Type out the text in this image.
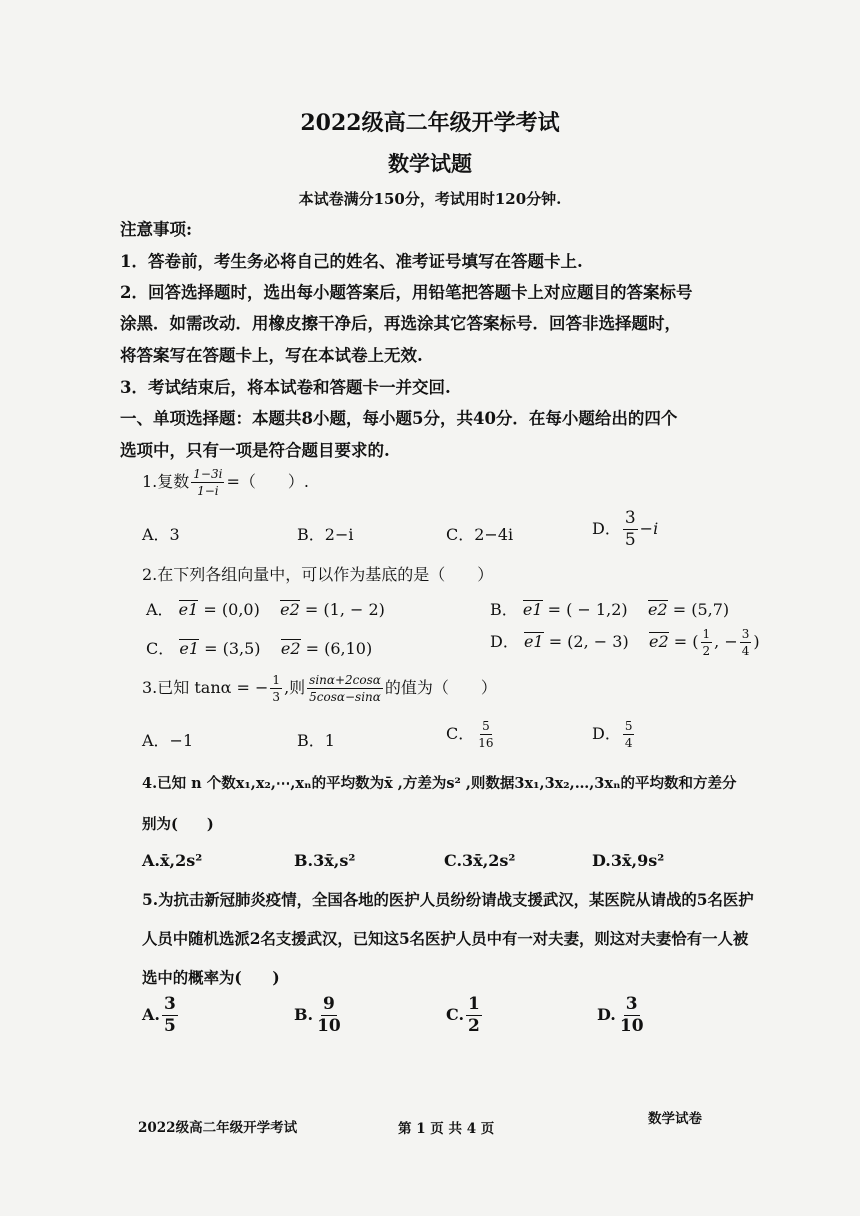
2022级高二年级开学考试
数学试题
本试卷满分150分，考试用时120分钟.
注意事项:
1．答卷前，考生务必将自己的姓名、准考证号填写在答题卡上.
2．回答选择题时，选出每小题答案后，用铅笔把答题卡上对应题目的答案标号
涂黑．如需改动．用橡皮擦干净后，再选涂其它答案标号．回答非选择题时，
将答案写在答题卡上，写在本试卷上无效.
3．考试结束后，将本试卷和答题卡一并交回.
一、单项选择题：本题共8小题，每小题5分，共40分．在每小题给出的四个
选项中，只有一项是符合题目要求的.
1.复数 $\frac{1-3i}{1-i}$ =（　　）.
A．3	B．2−i	C．2−4i	D． $\frac{3}{5} -i$
2.在下列各组向量中，可以作为基底的是（　　）
A． e1 = (0,0) e2 = (1, − 2)	B． e1 = ( − 1,2) e2 = (5,7)
C． e1 = (3,5) e2 = (6,10)	D． e1 = (2, − 3) e2 = ( $\frac{1}{2}$ , − $\frac{3}{4}$ )
3.已知 tanα = − $\frac{1}{3}$ ,则 $\frac{\sin\alpha+2\cos\alpha}{5\cos\alpha-\sin\alpha}$ 的值为（　　）
A．−1	B．1	C． $\frac{5}{16}$	D． $\frac{5}{4}$
4.已知 n 个数x₁,x₂,⋯,xₙ的平均数为x̄ ,方差为s² ,则数据3x₁,3x₂,…,3xₙ的平均数和方差分
别为(　　)
A.x̄,2s²	B.3x̄,s²	C.3x̄,2s²	D.3x̄,9s²
5.为抗击新冠肺炎疫情，全国各地的医护人员纷纷请战支援武汉，某医院从请战的5名医护
人员中随机选派2名支援武汉，已知这5名医护人员中有一对夫妻，则这对夫妻恰有一人被
选中的概率为(　　)
A. $\frac{3}{5}$	B. $\frac{9}{10}$	C. $\frac{1}{2}$	D. $\frac{3}{10}$
2022级高二年级开学考试	第 1 页 共 4 页
数学试卷
